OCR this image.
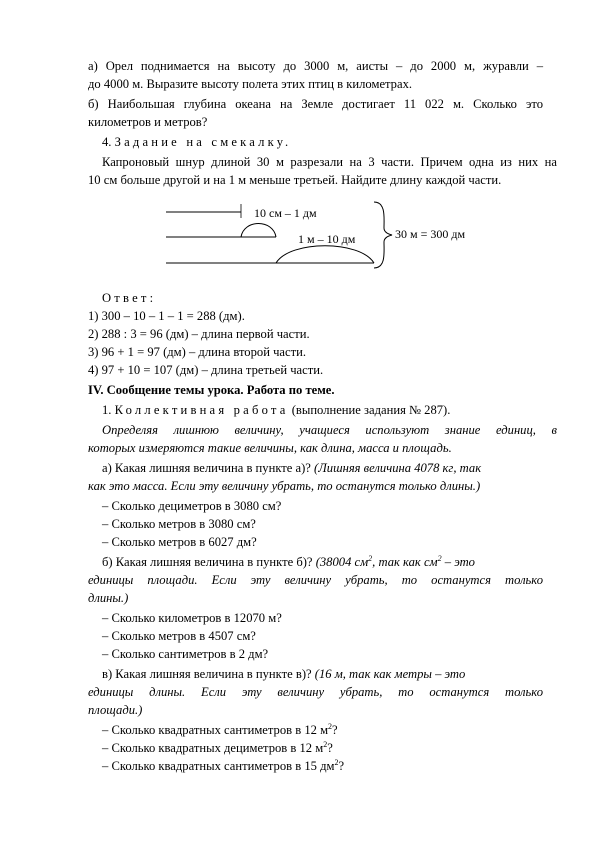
а) Орел поднимается на высоту до 3000 м, аисты – до 2000 м, журавли –
до 4000 м. Выразите высоту полета этих птиц в километрах.
б) Наибольшая глубина океана на Земле достигает 11 022 м. Сколько это
километров и метров?
4. Задание на смекалку.
Капроновый шнур длиной 30 м разрезали на 3 части. Причем одна из них на
10 см больше другой и на 1 м меньше третьей. Найдите длину каждой части.
10 см – 1 дм
1 м – 10 дм	30 м = 300 дм
Ответ:
1) 300 – 10 – 1 – 1 = 288 (дм).
2) 288 : 3 = 96 (дм) – длина первой части.
3) 96 + 1 = 97 (дм) – длина второй части.
4) 97 + 10 = 107 (дм) – длина третьей части.
IV. Сообщение темы урока. Работа по теме.
1. Коллективная работа (выполнение задания № 287).
Определяя лишнюю величину, учащиеся используют знание единиц, в
которых измеряются такие величины, как длина, масса и площадь.
а) Какая лишняя величина в пункте а)? (Лишняя величина 4078 кг, так
как это масса. Если эту величину убрать, то останутся только длины.)
– Сколько дециметров в 3080 см?
– Сколько метров в 3080 см?
– Сколько метров в 6027 дм?
б) Какая лишняя величина в пункте б)? (38004 $см^2$, так как $см^2$ – это
единицы площади. Если эту величину убрать, то останутся только
длины.)
– Сколько километров в 12070 м?
– Сколько метров в 4507 см?
– Сколько сантиметров в 2 дм?
в) Какая лишняя величина в пункте в)? (16 м, так как метры – это
единицы длины. Если эту величину убрать, то останутся только
площади.)
– Сколько квадратных сантиметров в 12 $м^2$?
– Сколько квадратных дециметров в 12 $м^2$?
– Сколько квадратных сантиметров в 15 $дм^2$?
